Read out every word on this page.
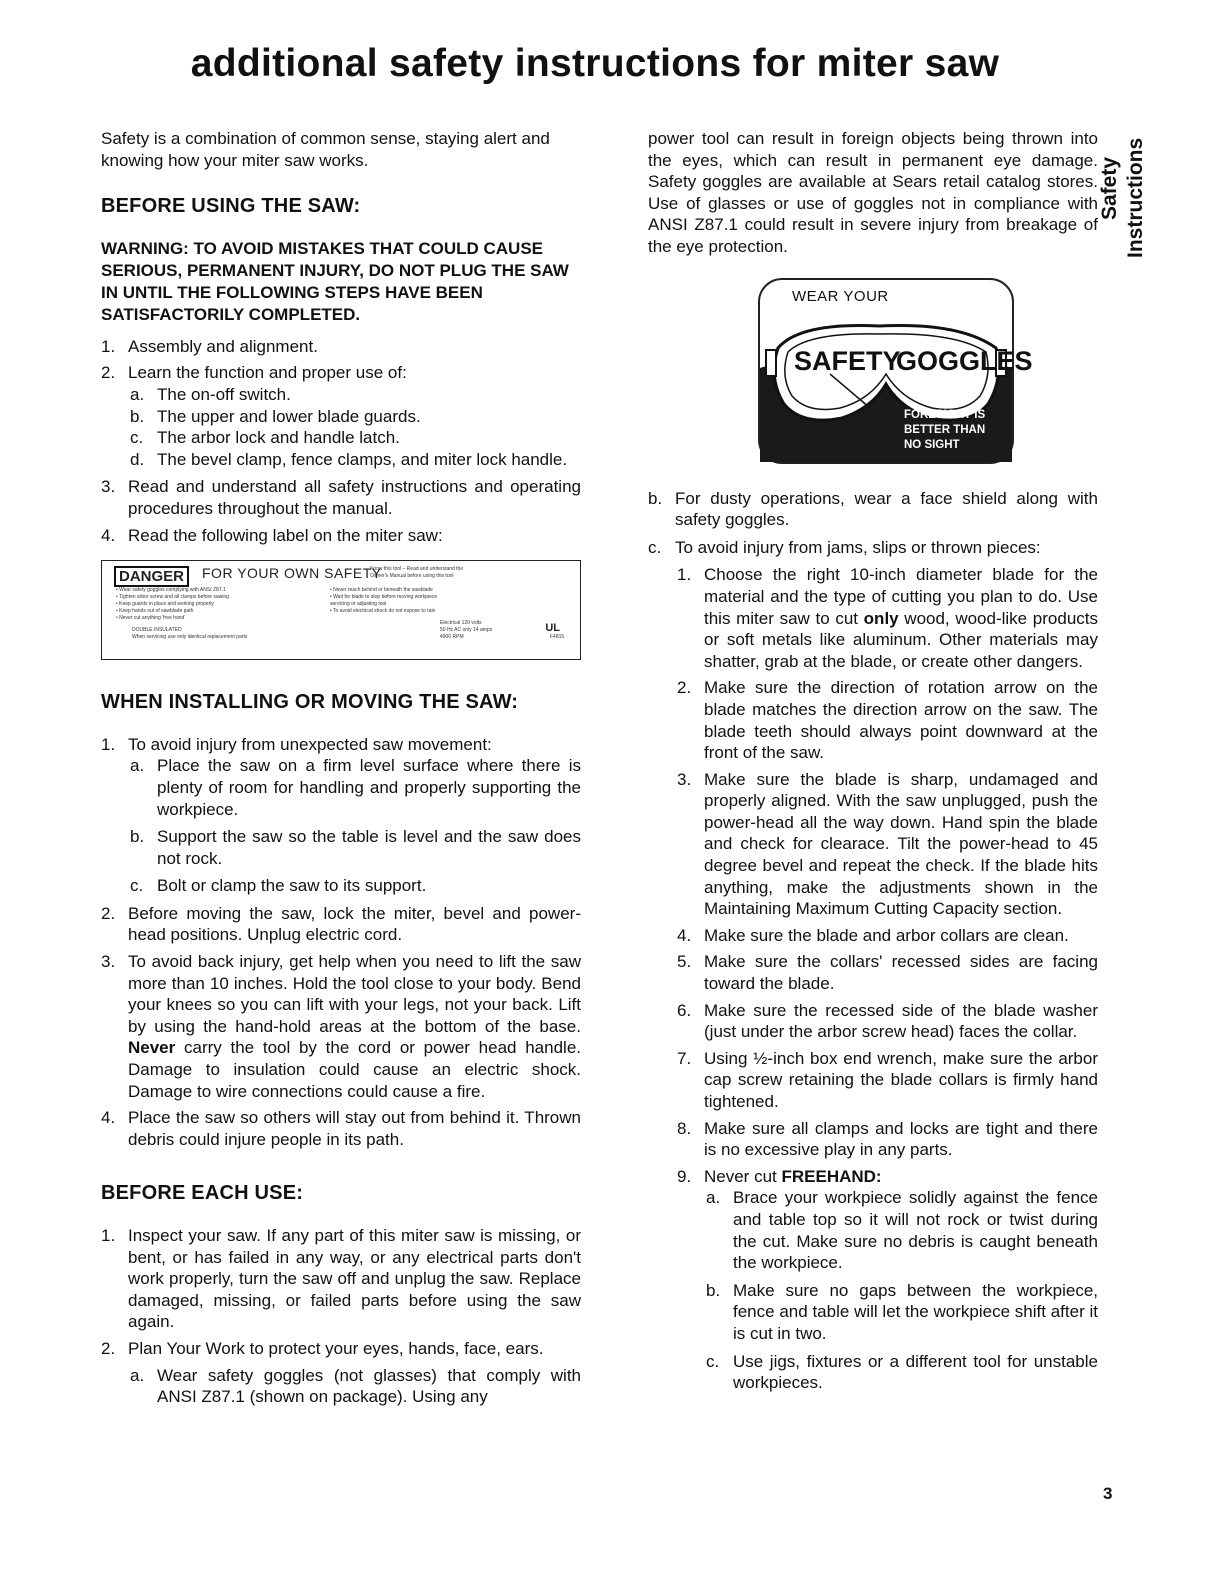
additional safety instructions for miter saw
Safety Instructions

Safety is a combination of common sense, staying alert and knowing how your miter saw works.

BEFORE USING THE SAW:

WARNING: TO AVOID MISTAKES THAT COULD CAUSE SERIOUS, PERMANENT INJURY, DO NOT PLUG THE SAW IN UNTIL THE FOLLOWING STEPS HAVE BEEN SATISFACTORILY COMPLETED.

1. Assembly and alignment.
2. Learn the function and proper use of:
a. The on-off switch.
b. The upper and lower blade guards.
c. The arbor lock and handle latch.
d. The bevel clamp, fence clamps, and miter lock handle.
3. Read and understand all safety instructions and operating procedures throughout the manual.
4. Read the following label on the miter saw:
DANGER	FOR YOUR OWN SAFETY
Know this tool – Read and understand the
Owner's Manual before using this tool
• Wear safety goggles complying with ANSI Z87.1
• Tighten arbor screw and all clamps before sawing
• Keep guards in place and working properly
• Keep hands out of sawblade path
• Never cut anything 'free hand'
• Never reach behind or beneath the sawblade
• Wait for blade to stop before moving workpiece
servicing or adjusting tool
• To avoid electrical shock do not expose to rain
DOUBLE INSULATED
When servicing use only identical replacement parts
Electrical 120 volts
50 Hz AC only 14 amps
4900 RPM	F4815
UL
WHEN INSTALLING OR MOVING THE SAW:
1. To avoid injury from unexpected saw movement:
a. Place the saw on a firm level surface where there is plenty of room for handling and properly supporting the workpiece.
b. Support the saw so the table is level and the saw does not rock.
c. Bolt or clamp the saw to its support.
2. Before moving the saw, lock the miter, bevel and power-head positions. Unplug electric cord.
3. To avoid back injury, get help when you need to lift the saw more than 10 inches. Hold the tool close to your body. Bend your knees so you can lift with your legs, not your back. Lift by using the hand-hold areas at the bottom of the base. Never carry the tool by the cord or power head handle. Damage to insulation could cause an electric shock. Damage to wire connections could cause a fire.
4. Place the saw so others will stay out from behind it. Thrown debris could injure people in its path.
BEFORE EACH USE:
1. Inspect your saw. If any part of this miter saw is missing, or bent, or has failed in any way, or any electrical parts don't work properly, turn the saw off and unplug the saw. Replace damaged, missing, or failed parts before using the saw again.
2. Plan Your Work to protect your eyes, hands, face, ears.
a. Wear safety goggles (not glasses) that comply with ANSI Z87.1 (shown on package). Using any

power tool can result in foreign objects being thrown into the eyes, which can result in permanent eye damage. Safety goggles are available at Sears retail catalog stores. Use of glasses or use of goggles not in compliance with ANSI Z87.1 could result in severe injury from breakage of the eye protection.

WEAR YOUR
SAFETY
GOGGLES
FORESIGHT IS
BETTER THAN
NO SIGHT
b. For dusty operations, wear a face shield along with safety goggles.
c. To avoid injury from jams, slips or thrown pieces:
1. Choose the right 10-inch diameter blade for the material and the type of cutting you plan to do. Use this miter saw to cut only wood, wood-like products or soft metals like aluminum. Other materials may shatter, grab at the blade, or create other dangers.
2. Make sure the direction of rotation arrow on the blade matches the direction arrow on the saw. The blade teeth should always point downward at the front of the saw.
3. Make sure the blade is sharp, undamaged and properly aligned. With the saw unplugged, push the power-head all the way down. Hand spin the blade and check for clearace. Tilt the power-head to 45 degree bevel and repeat the check. If the blade hits anything, make the adjustments shown in the Maintaining Maximum Cutting Capacity section.
4. Make sure the blade and arbor collars are clean.
5. Make sure the collars' recessed sides are facing toward the blade.
6. Make sure the recessed side of the blade washer (just under the arbor screw head) faces the collar.
7. Using ½-inch box end wrench, make sure the arbor cap screw retaining the blade collars is firmly hand tightened.
8. Make sure all clamps and locks are tight and there is no excessive play in any parts.
9. Never cut FREEHAND:
a. Brace your workpiece solidly against the fence and table top so it will not rock or twist during the cut. Make sure no debris is caught beneath the workpiece.
b. Make sure no gaps between the workpiece, fence and table will let the workpiece shift after it is cut in two.
c. Use jigs, fixtures or a different tool for unstable workpieces.
3
